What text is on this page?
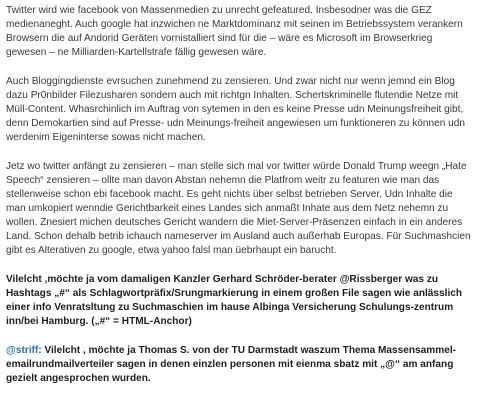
Twitter wird wie facebook von Massenmedien zu unrecht gefeatured. Insbesodner was die GEZ medienaneght. Auch google hat inzwichen ne Marktdominanz mit seinen im Betriebssystem verankern Browsern die auf Andorid Geräten vornistalliert sind für die – wäre es Microsoft im Browserkrieg gewesen – ne Milliarden-Kartellstrafe fällig gewesen wäre.

Auch Bloggingdienste evrsuchen zunehmend zu zensieren. Und zwar nicht nur wenn jemnd ein Blog dazu Pr0nbilder Filezusharen sondern auch mit richtgn Inhalten. Schertskriminelle flutendie Netze mit Müll-Content. Whasrchinlich im Auftrag von sytemen in den es keine Presse udn Meinungsfreiheit gibt, denn Demokartien sind auf Presse- udn Meinungs-freiheit angewiesen um funktioneren zu können udn werdenim Eigeninterse sowas nicht machen.

Jetz wo twitter anfängt zu zensieren – man stelle sich mal vor twitter würde Donald Trump weegn „Hate Speech“ zensieren – ollte man davon Abstan nehemn die Platfrom weitr zu featuren wie man das stellenweise schon ebi facebook macht. Es geht nichts über selbst betrieben Server. Udn Inhalte die man umkopiert wenndie Gerichtbarkeit eines Landes sich anmaßt Inhate aus dem Netz nehemn zu wollen. Znesiert michen deutsches Gericht wandern die Miet-Server-Präsenzen einfach in ein anderes Land. Schon dehalb betrib ichauch nameserver im Ausland auch außerhab Europas. Für Suchmashcien gibt es Alterativen zu google, etwa yahoo falsl man üebrhaupt ein barucht.

Vilelcht ,möchte ja vom damaligen Kanzler Gerhard Schröder-berater @Rissberger was zu Hashtags „#“ als Schlagwortpräfix/Srungmarkierung in einem großen File sagen wie anlässlich einer info Venratsltung zu Suchmaschien im hause Albinga Versicherung Schulungs-zentrum inn/bei Hamburg. („#“ = HTML-Anchor)

@striff: Vilelcht , möchte ja Thomas S. von der TU Darmstadt waszum Thema Massensammel-emailrundmailverteiler sagen in denen einzlen personen mit eienma sbatz mit „@“ am anfang gezielt angesprochen wurden.
